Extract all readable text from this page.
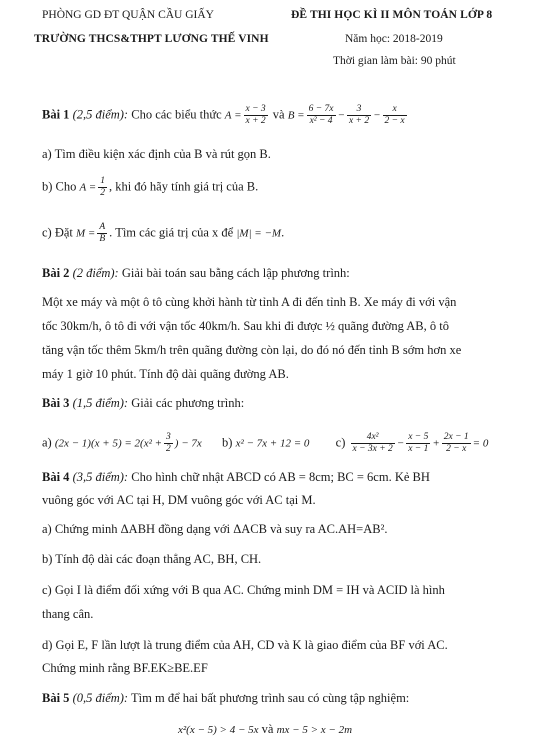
PHÒNG GD ĐT QUẬN CẦU GIẤY
TRƯỜNG THCS&THPT LƯƠNG THẾ VINH
ĐỀ THI HỌC KÌ II MÔN TOÁN LỚP 8
Năm học: 2018-2019
Thời gian làm bài: 90 phút
Bài 1 (2,5 điểm): Cho các biểu thức $A = \frac{x - 3}{x + 2}$ và $B = \frac{6 - 7x}{\text{x² − 4}} - \frac{3}{x + 2} - \frac{x}{2 - x}$
a) Tìm điều kiện xác định của B và rút gọn B.
b) Cho $A = \frac{1}{2}$ , khi đó hãy tính giá trị của B.
c) Đặt $M = \frac{A}{B}$ . Tìm các giá trị của x để |M| = −M.
Bài 2 (2 điểm): Giải bài toán sau bằng cách lập phương trình:
Một xe máy và một ô tô cùng khởi hành từ tỉnh A đi đến tỉnh B. Xe máy đi với vận
tốc 30km/h, ô tô đi với vận tốc 40km/h. Sau khi đi được ½ quãng đường AB, ô tô
tăng vận tốc thêm 5km/h trên quãng đường còn lại, do đó nó đến tỉnh B sớm hơn xe
máy 1 giờ 10 phút. Tính độ dài quãng đường AB.
Bài 3 (1,5 điểm): Giải các phương trình:
a) $(2x - 1)(x + 5) = 2(x^2 + \frac{3}{2}$ ) − 7x b) x² − 7x + 12 = 0 $c) \frac{\text{4x²}}{x - 3x + 2} - \frac{x - 5}{x - 1} + \frac{2x - 1}{2 - x} = 0$
Bài 4 (3,5 điểm): Cho hình chữ nhật ABCD có AB = 8cm; BC = 6cm. Kẻ BH
vuông góc với AC tại H, DM vuông góc với AC tại M.
a) Chứng minh ΔABH đồng dạng với ΔACB và suy ra AC.AH=AB².
b) Tính độ dài các đoạn thẳng AC, BH, CH.
c) Gọi I là điểm đối xứng với B qua AC. Chứng minh DM = IH và ACID là hình
thang cân.
d) Gọi E, F lần lượt là trung điểm của AH, CD và K là giao điểm của BF với AC.
Chứng minh rằng BF.EK≥BE.EF
Bài 5 (0,5 điểm): Tìm m để hai bất phương trình sau có cùng tập nghiệm:
x²(x − 5) > 4 − 5x và mx − 5 > x − 2m
